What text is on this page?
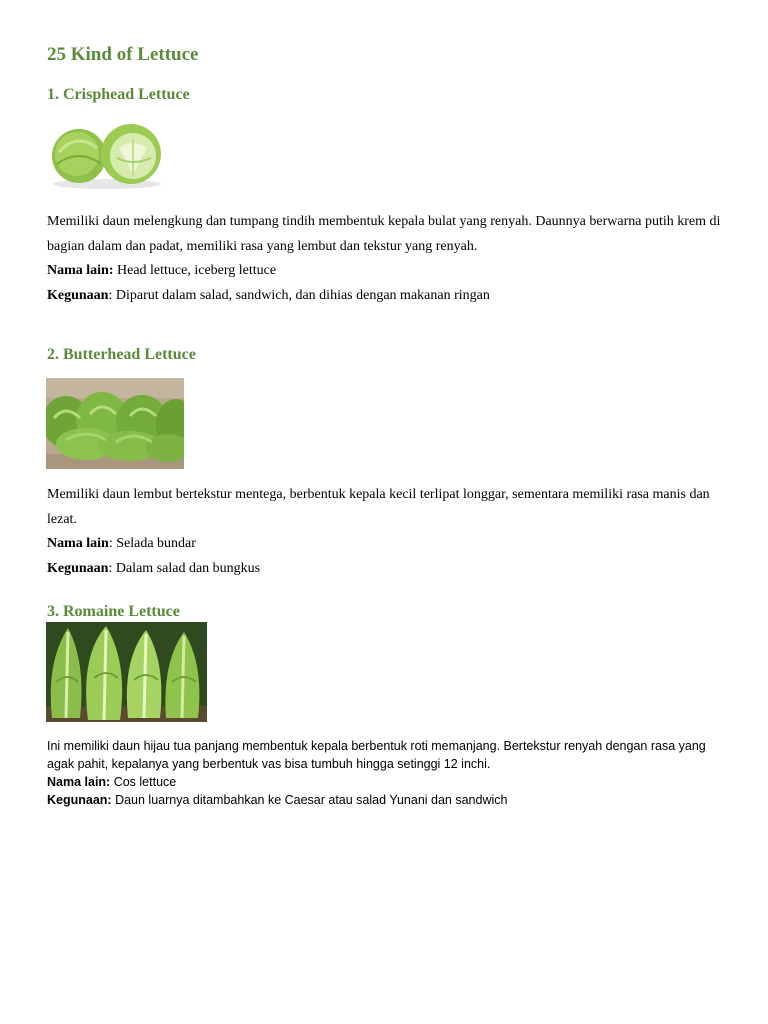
25 Kind of Lettuce
1. Crisphead Lettuce

Memiliki daun melengkung dan tumpang tindih membentuk kepala bulat yang renyah. Daunnya berwarna putih krem di bagian dalam dan padat, memiliki rasa yang lembut dan tekstur yang renyah.

Nama lain: Head lettuce, iceberg lettuce

Kegunaan: Diparut dalam salad, sandwich, dan dihias dengan makanan ringan

2. Butterhead Lettuce

Memiliki daun lembut bertekstur mentega, berbentuk kepala kecil terlipat longgar, sementara memiliki rasa manis dan lezat.

Nama lain: Selada bundar

Kegunaan: Dalam salad dan bungkus

3. Romaine Lettuce

Ini memiliki daun hijau tua panjang membentuk kepala berbentuk roti memanjang. Bertekstur renyah dengan rasa yang agak pahit, kepalanya yang berbentuk vas bisa tumbuh hingga setinggi 12 inchi.

Nama lain: Cos lettuce

Kegunaan: Daun luarnya ditambahkan ke Caesar atau salad Yunani dan sandwich
